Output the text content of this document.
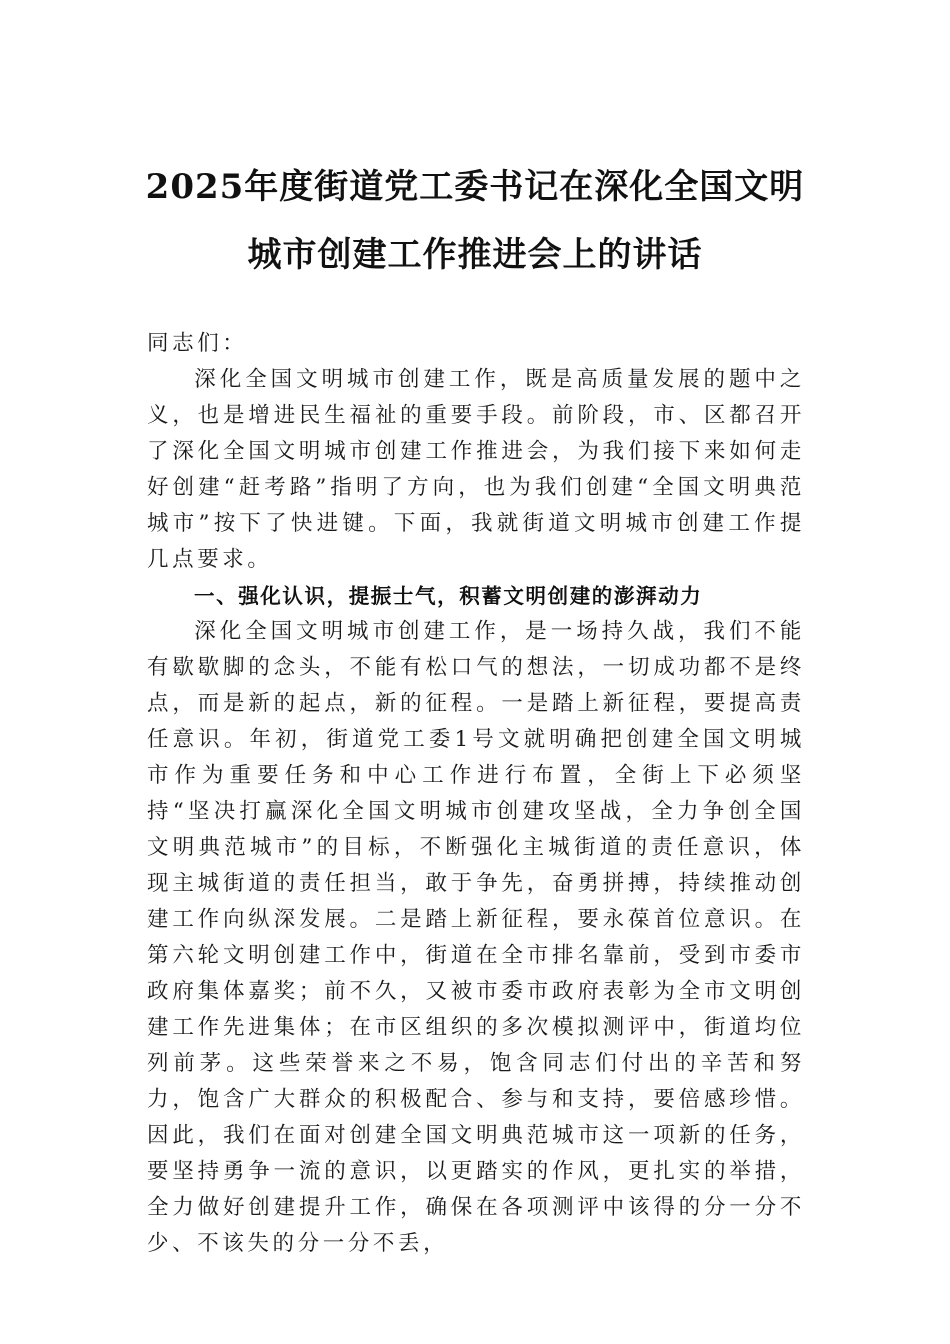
2025年度街道党工委书记在深化全国文明
城市创建工作推进会上的讲话

同志们：

深化全国文明城市创建工作，既是高质量发展的题中之义，也是增进民生福祉的重要手段。前阶段，市、区都召开了深化全国文明城市创建工作推进会，为我们接下来如何走好创建“赶考路”指明了方向，也为我们创建“全国文明典范城市”按下了快进键。下面，我就街道文明城市创建工作提几点要求。

一、强化认识，提振士气，积蓄文明创建的澎湃动力

深化全国文明城市创建工作，是一场持久战，我们不能有歇歇脚的念头，不能有松口气的想法，一切成功都不是终点，而是新的起点，新的征程。一是踏上新征程，要提高责任意识。年初，街道党工委1号文就明确把创建全国文明城市作为重要任务和中心工作进行布置，全街上下必须坚持“坚决打赢深化全国文明城市创建攻坚战，全力争创全国文明典范城市”的目标，不断强化主城街道的责任意识，体现主城街道的责任担当，敢于争先，奋勇拼搏，持续推动创建工作向纵深发展。二是踏上新征程，要永葆首位意识。在第六轮文明创建工作中，街道在全市排名靠前，受到市委市政府集体嘉奖；前不久，又被市委市政府表彰为全市文明创建工作先进集体；在市区组织的多次模拟测评中，街道均位列前茅。这些荣誉来之不易，饱含同志们付出的辛苦和努力，饱含广大群众的积极配合、参与和支持，要倍感珍惜。因此，我们在面对创建全国文明典范城市这一项新的任务，要坚持勇争一流的意识，以更踏实的作风，更扎实的举措，全力做好创建提升工作，确保在各项测评中该得的分一分不少、不该失的分一分不丢，
